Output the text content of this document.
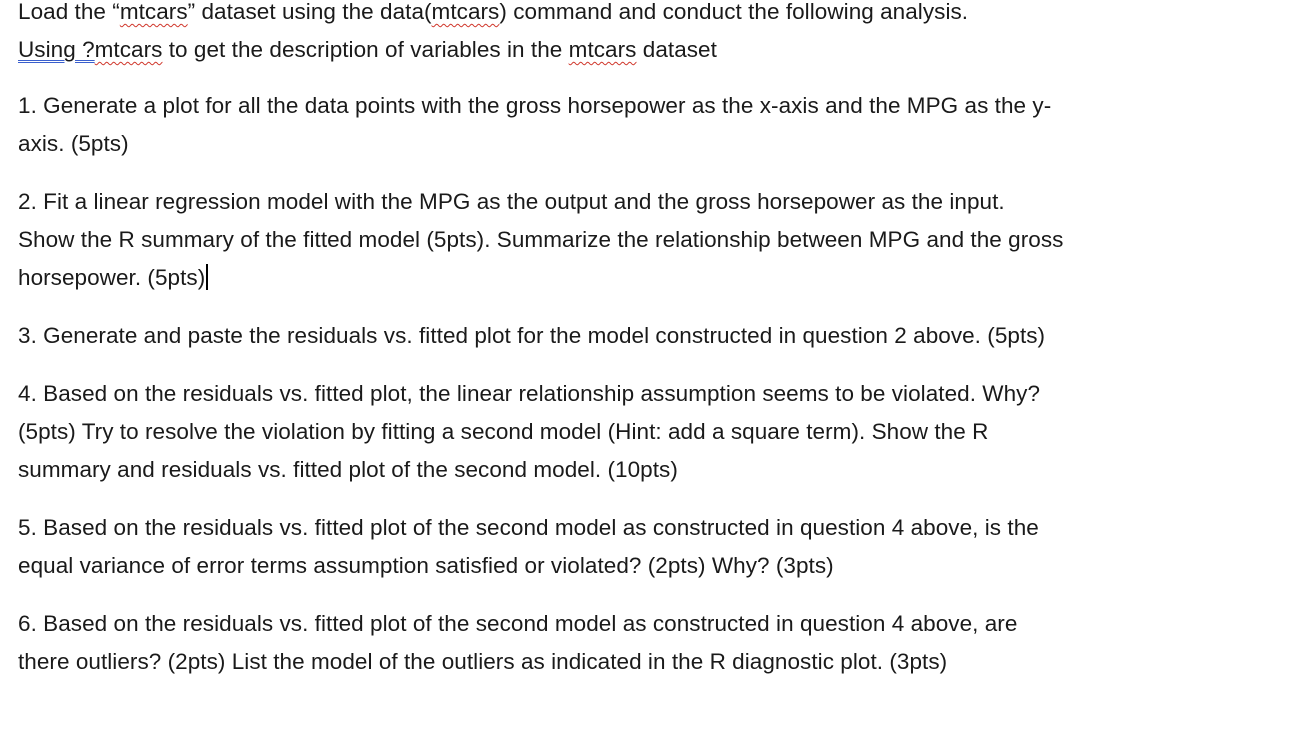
Load the “mtcars” dataset using the data(mtcars) command and conduct the following analysis.
Using ?mtcars to get the description of variables in the mtcars dataset
1. Generate a plot for all the data points with the gross horsepower as the x-axis and the MPG as the y-
axis. (5pts)
2. Fit a linear regression model with the MPG as the output and the gross horsepower as the input.
Show the R summary of the fitted model (5pts). Summarize the relationship between MPG and the gross
horsepower. (5pts)
3. Generate and paste the residuals vs. fitted plot for the model constructed in question 2 above. (5pts)
4. Based on the residuals vs. fitted plot, the linear relationship assumption seems to be violated. Why?
(5pts) Try to resolve the violation by fitting a second model (Hint: add a square term). Show the R
summary and residuals vs. fitted plot of the second model. (10pts)
5. Based on the residuals vs. fitted plot of the second model as constructed in question 4 above, is the
equal variance of error terms assumption satisfied or violated? (2pts) Why? (3pts)
6. Based on the residuals vs. fitted plot of the second model as constructed in question 4 above, are
there outliers? (2pts) List the model of the outliers as indicated in the R diagnostic plot. (3pts)
